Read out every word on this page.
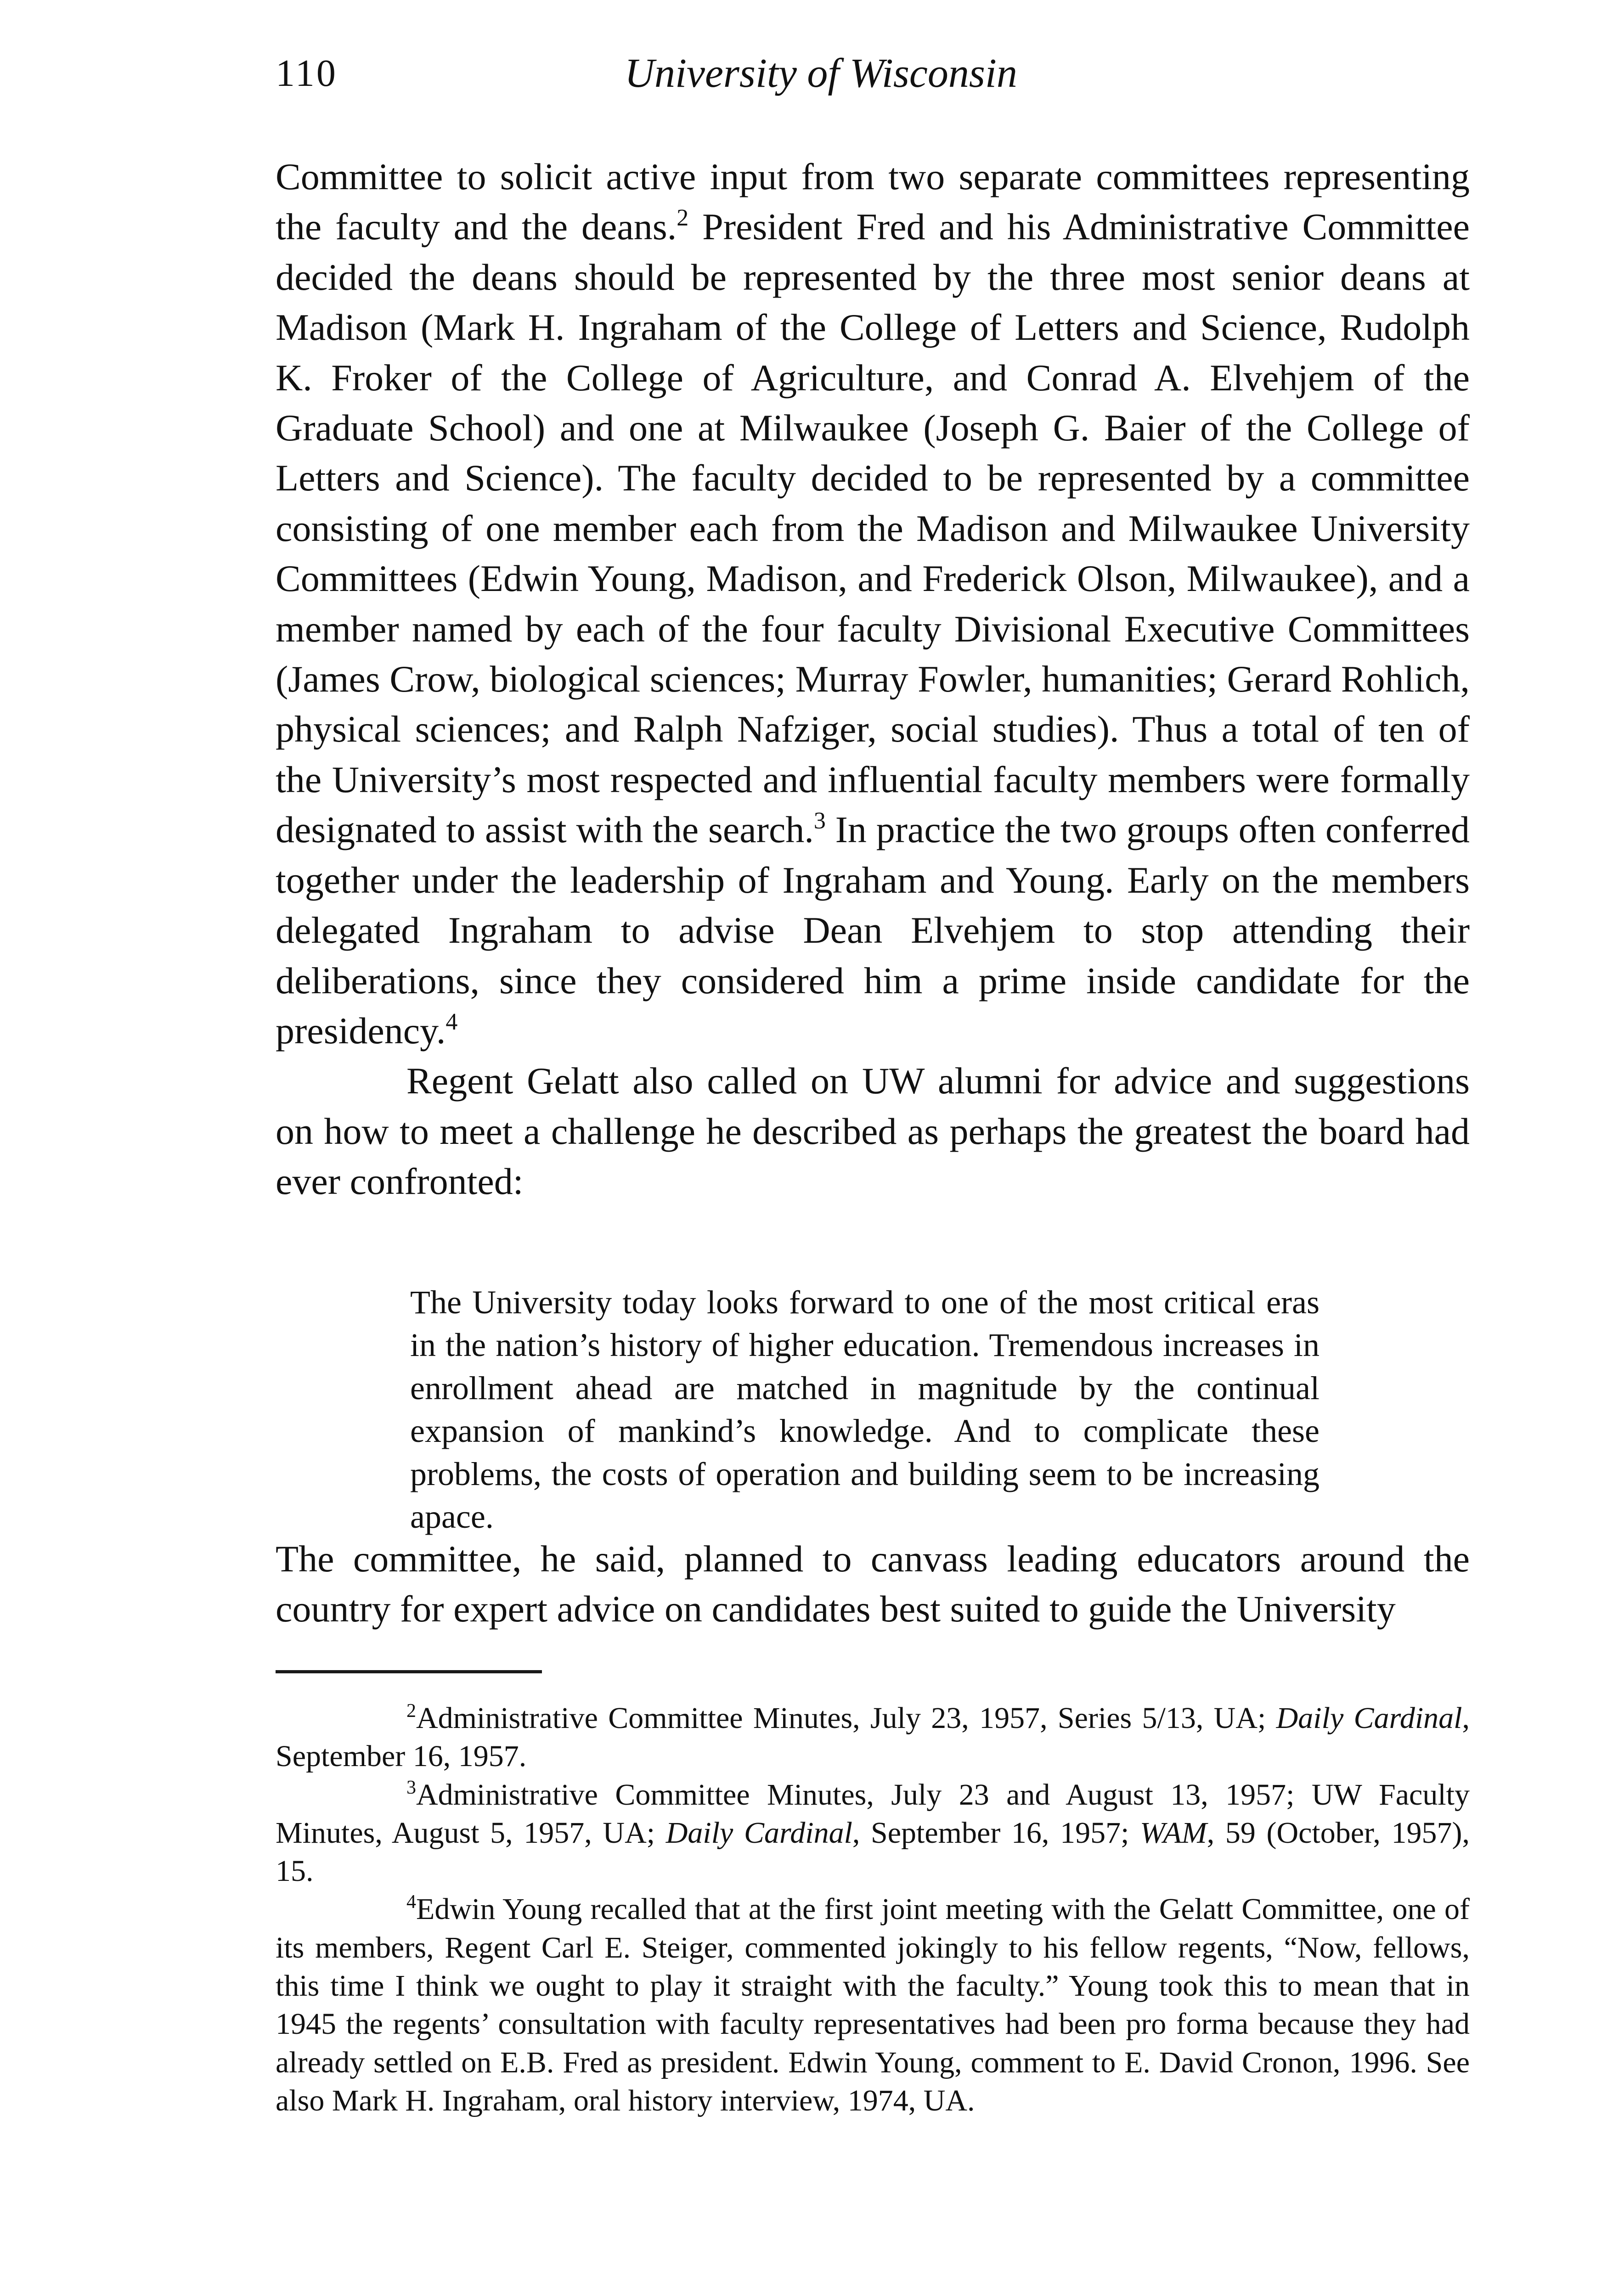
110	University of Wisconsin

Committee to solicit active input from two separate committees representing the faculty and the deans.$^2$ President Fred and his Administrative Committee decided the deans should be represented by the three most senior deans at Madison (Mark H. Ingraham of the College of Letters and Science, Rudolph K. Froker of the College of Agriculture, and Conrad A. Elvehjem of the Graduate School) and one at Milwaukee (Joseph G. Baier of the College of Letters and Science). The faculty decided to be represented by a committee consisting of one member each from the Madison and Milwaukee University Committees (Edwin Young, Madison, and Frederick Olson, Milwaukee), and a member named by each of the four faculty Divisional Executive Committees (James Crow, biological sciences; Murray Fowler, humanities; Gerard Rohlich, physical sciences; and Ralph Nafziger, social studies). Thus a total of ten of the University’s most respected and influential faculty members were formally designated to assist with the search.$^3$ In practice the two groups often conferred together under the leadership of Ingraham and Young. Early on the members delegated Ingraham to advise Dean Elvehjem to stop attending their deliberations, since they considered him a prime inside candidate for the presidency.$^4$

Regent Gelatt also called on UW alumni for advice and suggestions on how to meet a challenge he described as perhaps the greatest the board had ever confronted:

The University today looks forward to one of the most critical eras in the nation’s history of higher education. Tremendous increases in enrollment ahead are matched in magnitude by the continual expansion of mankind’s knowledge. And to complicate these problems, the costs of operation and building seem to be increasing apace.
The committee, he said, planned to canvass leading educators around the country for expert advice on candidates best suited to guide the University

$^2$Administrative Committee Minutes, July 23, 1957, Series 5/13, UA; Daily Cardinal, September 16, 1957.

$^3$Administrative Committee Minutes, July 23 and August 13, 1957; UW Faculty Minutes, August 5, 1957, UA; Daily Cardinal, September 16, 1957; WAM, 59 (October, 1957), 15.

$^4$Edwin Young recalled that at the first joint meeting with the Gelatt Committee, one of its members, Regent Carl E. Steiger, commented jokingly to his fellow regents, “Now, fellows, this time I think we ought to play it straight with the faculty.” Young took this to mean that in 1945 the regents’ consultation with faculty representatives had been pro forma because they had already settled on E.B. Fred as president. Edwin Young, comment to E. David Cronon, 1996. See also Mark H. Ingraham, oral history interview, 1974, UA.
